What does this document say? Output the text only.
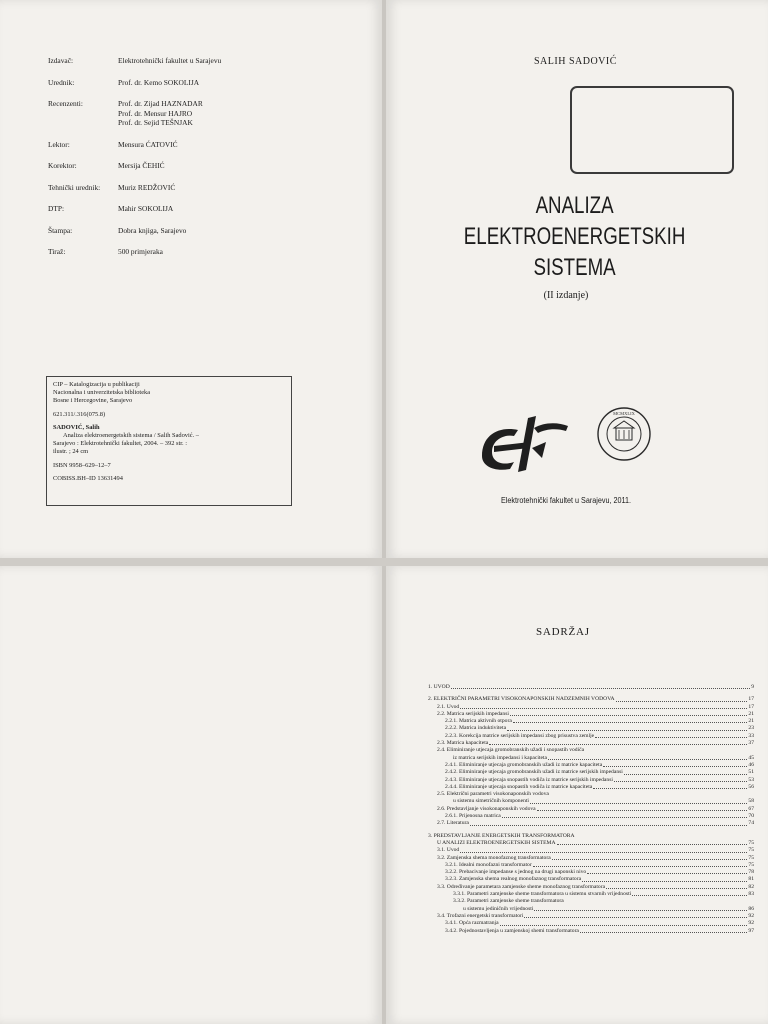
Izdavač:	Elektrotehnički fakultet u Sarajevu
Urednik:	Prof. dr. Kemo SOKOLIJA
Recenzenti:	Prof. dr. Zijad HAZNADAR
Prof. dr. Mensur HAJRO
Prof. dr. Sejid TEŠNJAK
Lektor:	Mensura ĆATOVIĆ
Korektor:	Mersija ČEHIĆ
Tehnički urednik:	Muriz REDŽOVIĆ
DTP:	Mahir SOKOLIJA
Štampa:	Dobra knjiga, Sarajevo
Tiraž:	500 primjeraka
CIP – Katalogizacija u publikaciji
Nacionalna i univerzitetska biblioteka
Bosne i Hercegovine, Sarajevo
621.311/.316(075.8)
SADOVIĆ, Salih
Analiza elektroenergetskih sistema / Salih Sadović. –
Sarajevo : Elektrotehnički fakultet, 2004. – 392 str. :
ilustr. ; 24 cm
ISBN 9958–629–12–7
COBISS.BH–ID 13631494
SALIH SADOVIĆ
ANALIZA
ELEKTROENERGETSKIH
SISTEMA
(II izdanje)
MCMXLIX
Elektrotehnički fakultet u Sarajevu, 2011.
SADRŽAJ
1. UVOD	9
2. ELEKTRIČNI PARAMETRI VISOKONAPONSKIH NADZEMNIH VODOVA	17
2.1. Uvod	17
2.2. Matrica serijskih impedansi	21
2.2.1. Matrica aktivnih otpora	21
2.2.2. Matrica induktiviteta	23
2.2.3. Korekcija matrice serijskih impedansi zbog prisustva zemlje	33
2.3. Matrica kapaciteta	37
2.4. Eliminiranje utjecaja gromobranskih užadi i snopastih vodiča
iz matrica serijskih impedansi i kapaciteta	45
2.4.1. Eliminiranje utjecaja gromobranskih užadi iz matrice kapaciteta	46
2.4.2. Eliminiranje utjecaja gromobranskih užadi iz matrice serijskih impedansi	51
2.4.3. Eliminiranje utjecaja snopastih vodiča iz matrice serijskih impedansi	53
2.4.4. Eliminiranje utjecaja snopastih vodiča iz matrice kapaciteta	56
2.5. Električni parametri visokonaponskih vodova
u sistemu simetričnih komponenti	58
2.6. Predstavljanje visokonaponskih vodova	67
2.6.1. Prijenosna matrica	70
2.7. Literatura	74
3. PREDSTAVLJANJE ENERGETSKIH TRANSFORMATORA
U ANALIZI ELEKTROENERGETSKIH SISTEMA	75
3.1. Uvod	75
3.2. Zamjenska shema monofaznog transformatora	75
3.2.1. Idealni monofazni transformator	75
3.2.2. Prebacivanje impedanse s jednog na drugi naponski nivo	78
3.2.3. Zamjenska shema realnog monofaznog transformatora	81
3.3. Određivanje parametara zamjenske sheme monofaznog transformatora	82
3.3.1. Parametri zamjenske sheme transformatora u sistemu stvarnih vrijednosti	83
3.3.2. Parametri zamjenske sheme transformatora
u sistemu jediničnih vrijednosti	86
3.4. Trofazni energetski transformatori	92
3.4.1. Opća razmatranja	92
3.4.2. Pojednostavljenja u zamjenskoj shemi transformatora	97
